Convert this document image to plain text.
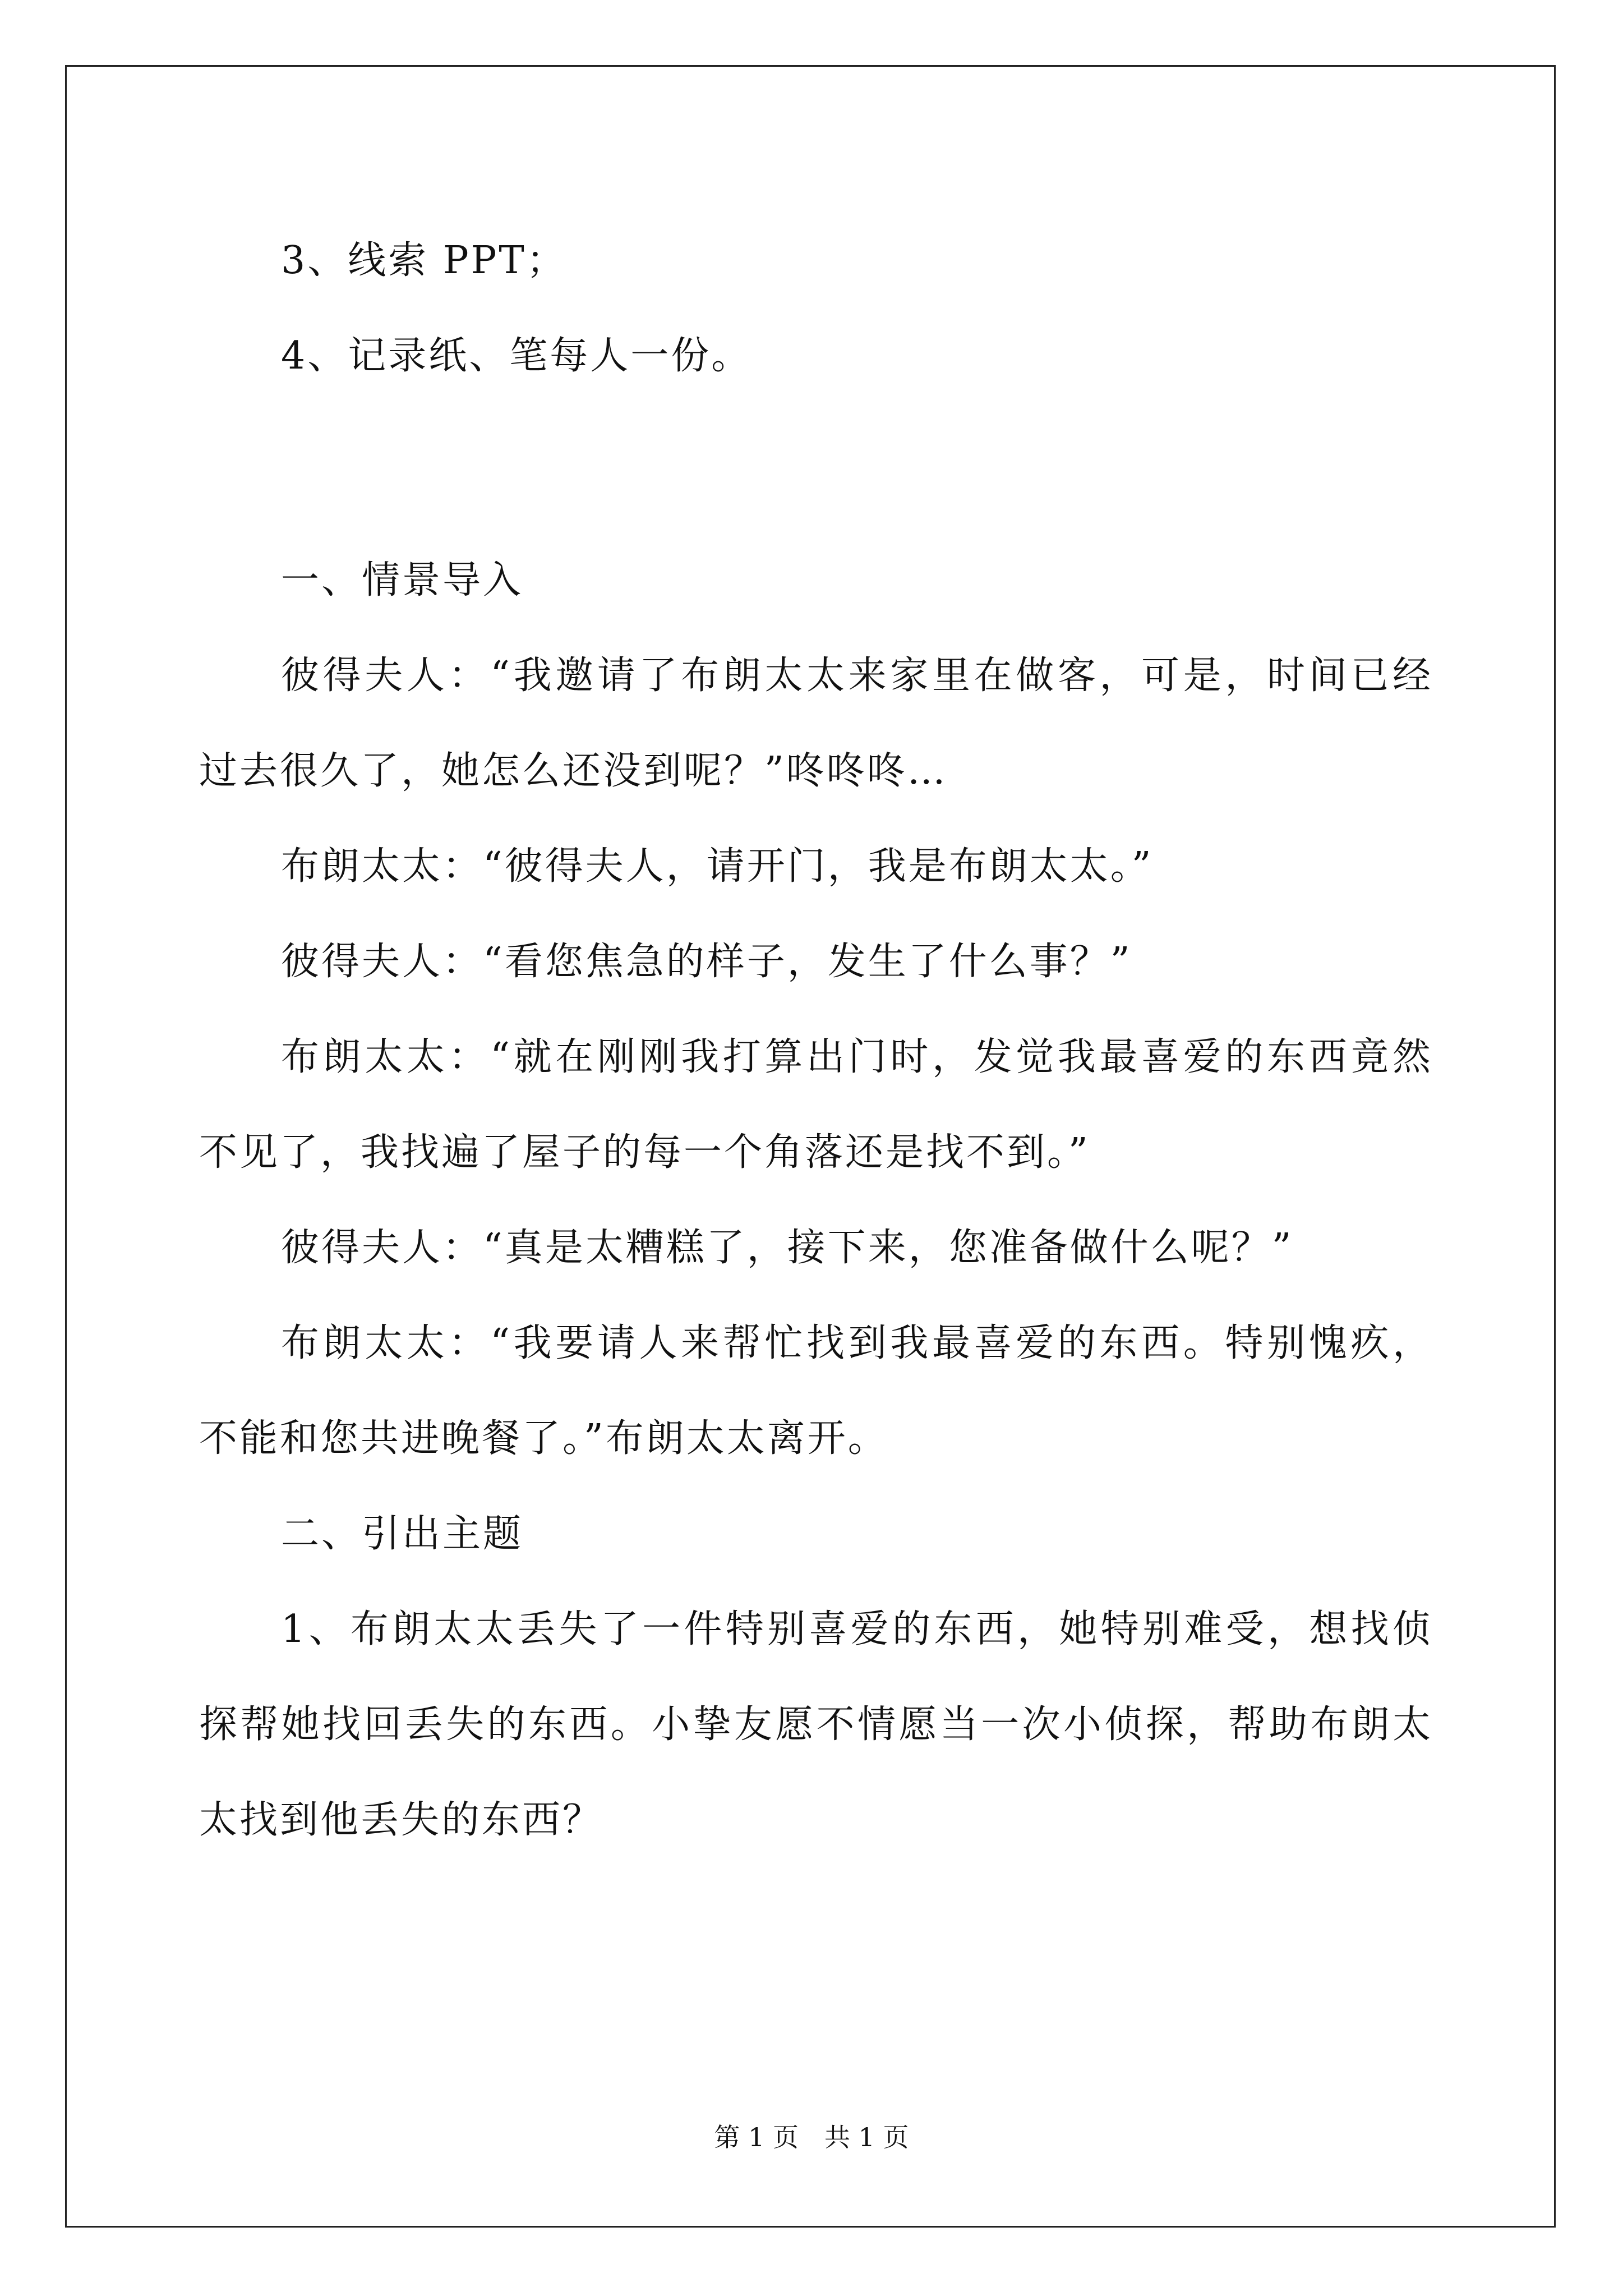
3、线索 PPT；

4、记录纸、笔每人一份。

一、情景导入

彼得夫人：“我邀请了布朗太太来家里在做客，可是，时间已经过去很久了，她怎么还没到呢？”咚咚咚…

布朗太太：“彼得夫人，请开门，我是布朗太太。”

彼得夫人：“看您焦急的样子，发生了什么事？”

布朗太太：“就在刚刚我打算出门时，发觉我最喜爱的东西竟然不见了，我找遍了屋子的每一个角落还是找不到。”

彼得夫人：“真是太糟糕了，接下来，您准备做什么呢？”

布朗太太：“我要请人来帮忙找到我最喜爱的东西。特别愧疚，不能和您共进晚餐了。”布朗太太离开。

二、引出主题

1、布朗太太丢失了一件特别喜爱的东西，她特别难受，想找侦探帮她找回丢失的东西。小挚友愿不情愿当一次小侦探，帮助布朗太太找到他丢失的东西？

第 1 页 共 1 页
